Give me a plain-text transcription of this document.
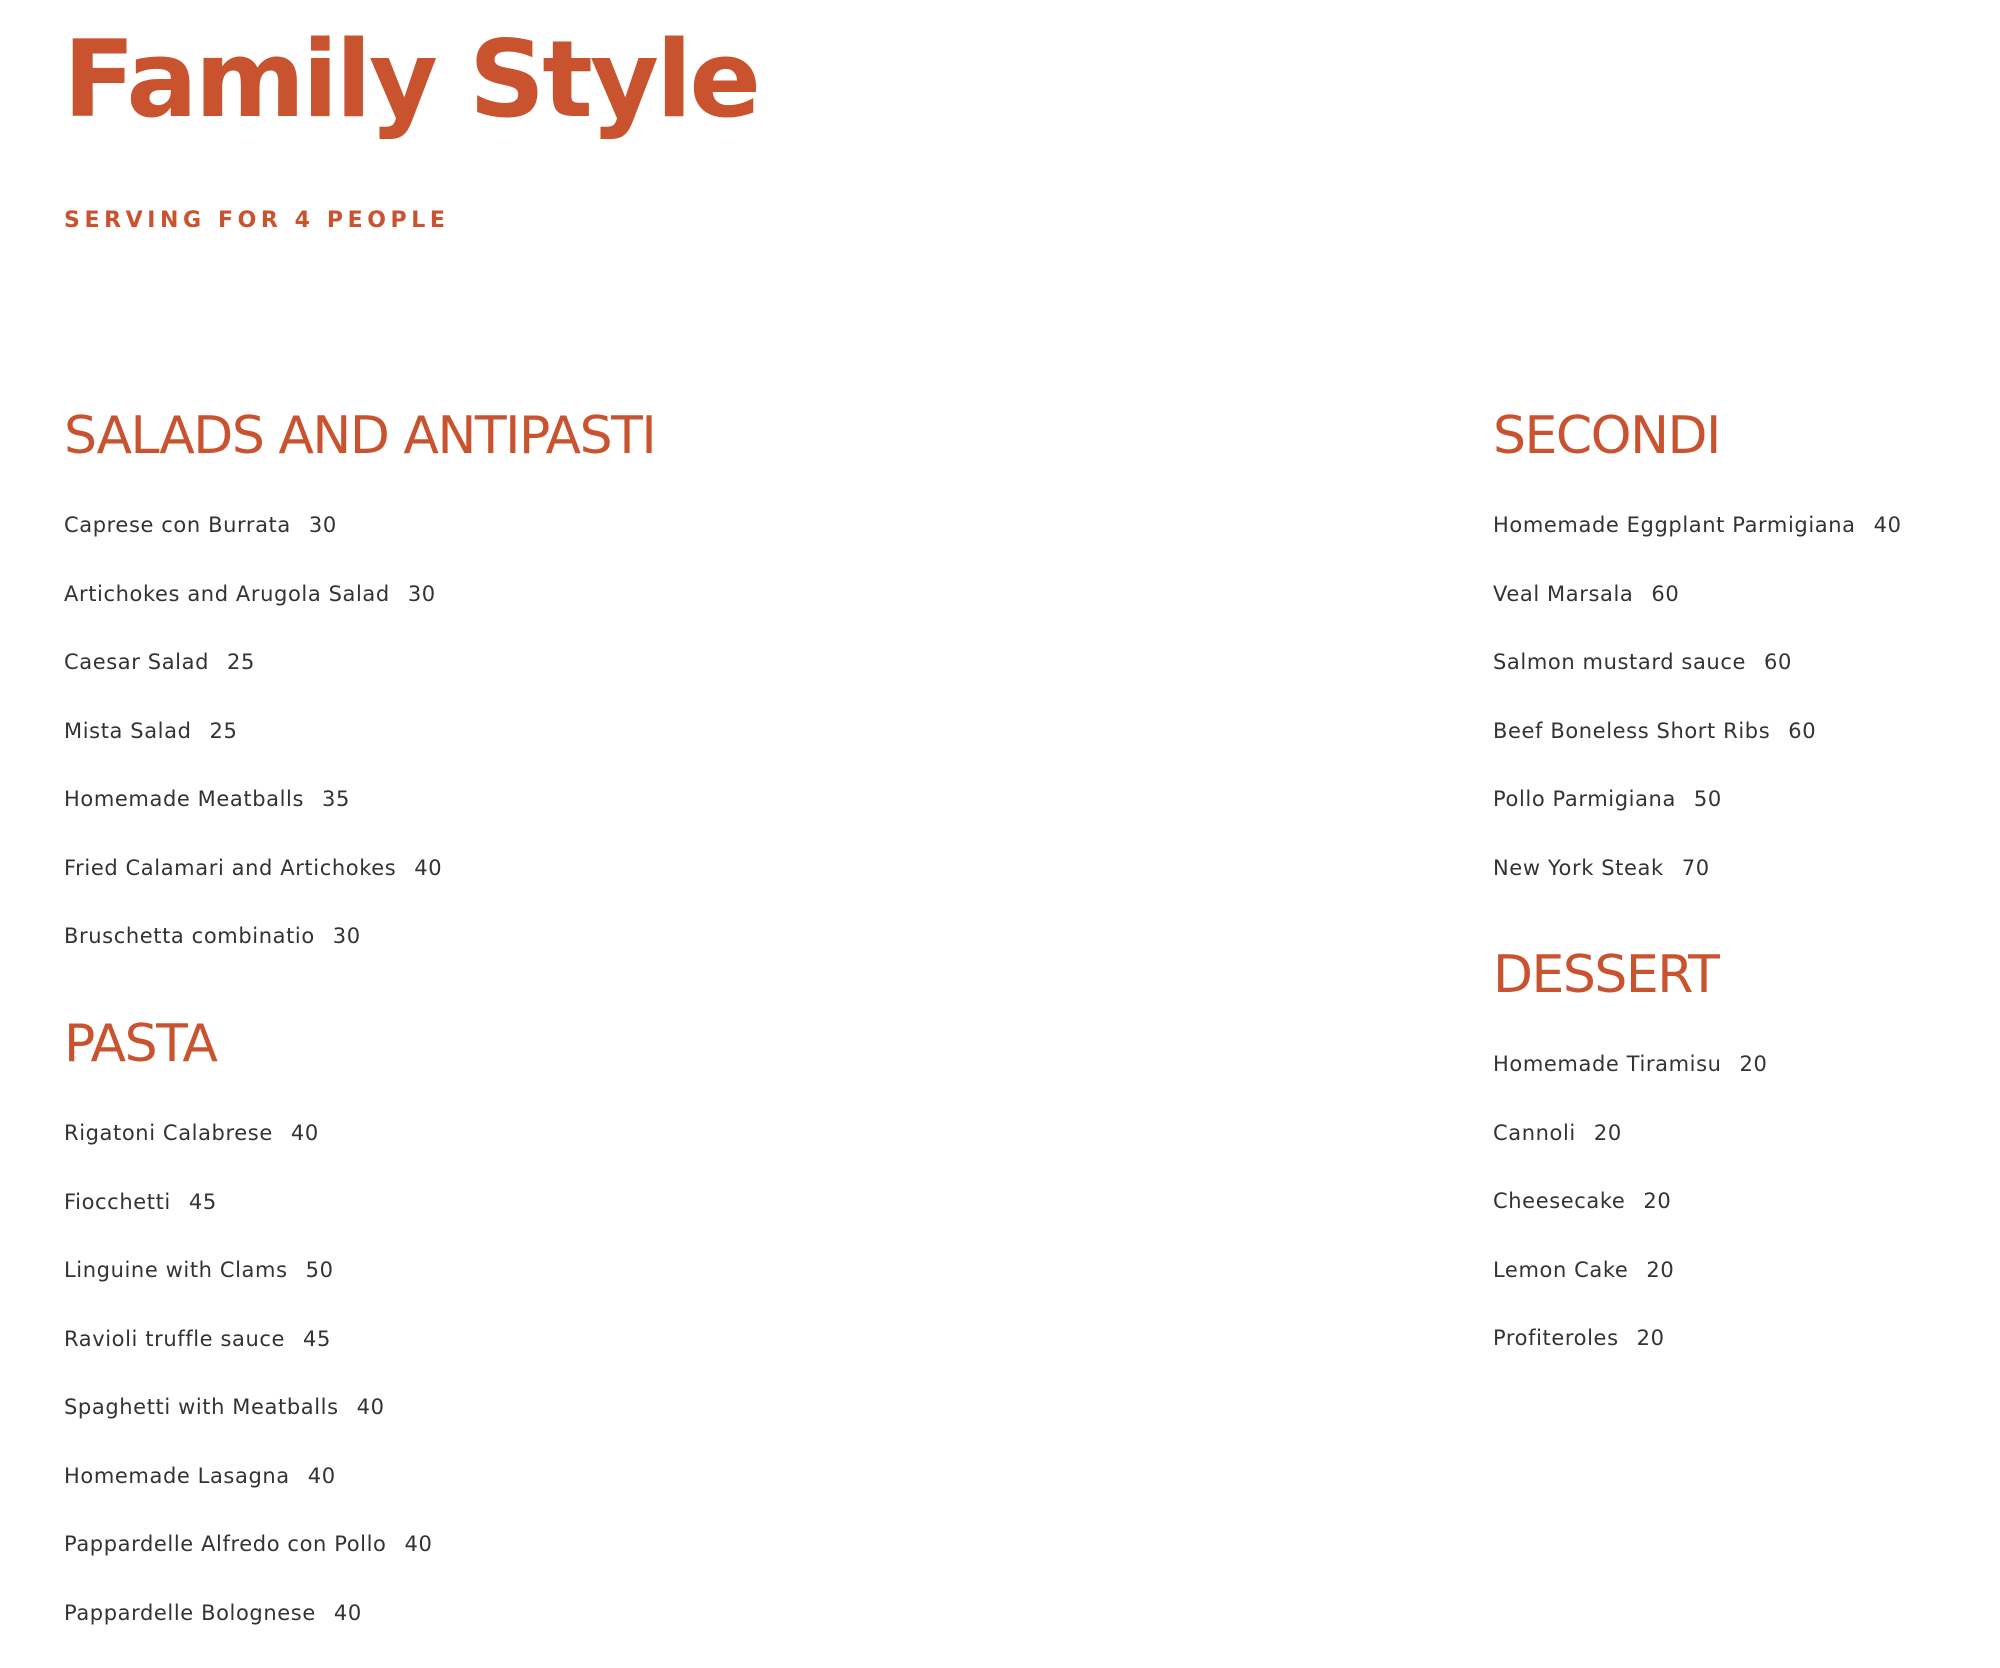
Family Style

SERVING FOR 4 PEOPLE

SALADS AND ANTIPASTI
Caprese con Burrata 30
Artichokes and Arugola Salad 30
Caesar Salad 25
Mista Salad 25
Homemade Meatballs 35
Fried Calamari and Artichokes 40
Bruschetta combinatio 30
PASTA
Rigatoni Calabrese 40
Fiocchetti 45
Linguine with Clams 50
Ravioli truffle sauce 45
Spaghetti with Meatballs 40
Homemade Lasagna 40
Pappardelle Alfredo con Pollo 40
Pappardelle Bolognese 40
SECONDI
Homemade Eggplant Parmigiana 40
Veal Marsala 60
Salmon mustard sauce 60
Beef Boneless Short Ribs 60
Pollo Parmigiana 50
New York Steak 70
DESSERT
Homemade Tiramisu 20
Cannoli 20
Cheesecake 20
Lemon Cake 20
Profiteroles 20
